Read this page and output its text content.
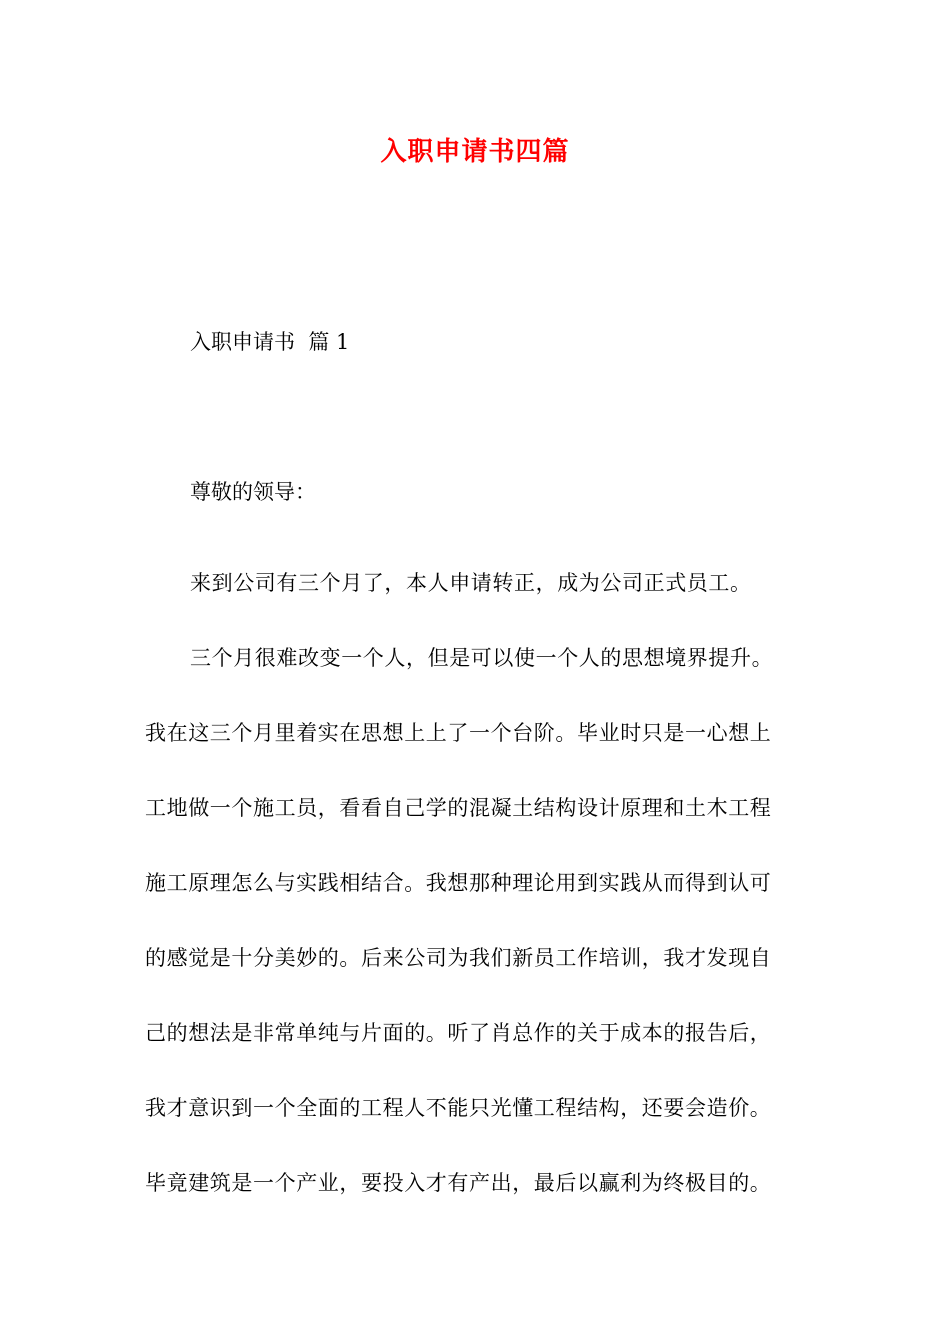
入职申请书四篇
入职申请书  篇 1
尊敬的领导：

来到公司有三个月了，本人申请转正，成为公司正式员工。

三个月很难改变一个人，但是可以使一个人的思想境界提升。
我在这三个月里着实在思想上上了一个台阶。毕业时只是一心想上
工地做一个施工员，看看自己学的混凝土结构设计原理和土木工程
施工原理怎么与实践相结合。我想那种理论用到实践从而得到认可
的感觉是十分美妙的。后来公司为我们新员工作培训，我才发现自
己的想法是非常单纯与片面的。听了肖总作的关于成本的报告后，
我才意识到一个全面的工程人不能只光懂工程结构，还要会造价。
毕竟建筑是一个产业，要投入才有产出，最后以赢利为终极目的。
